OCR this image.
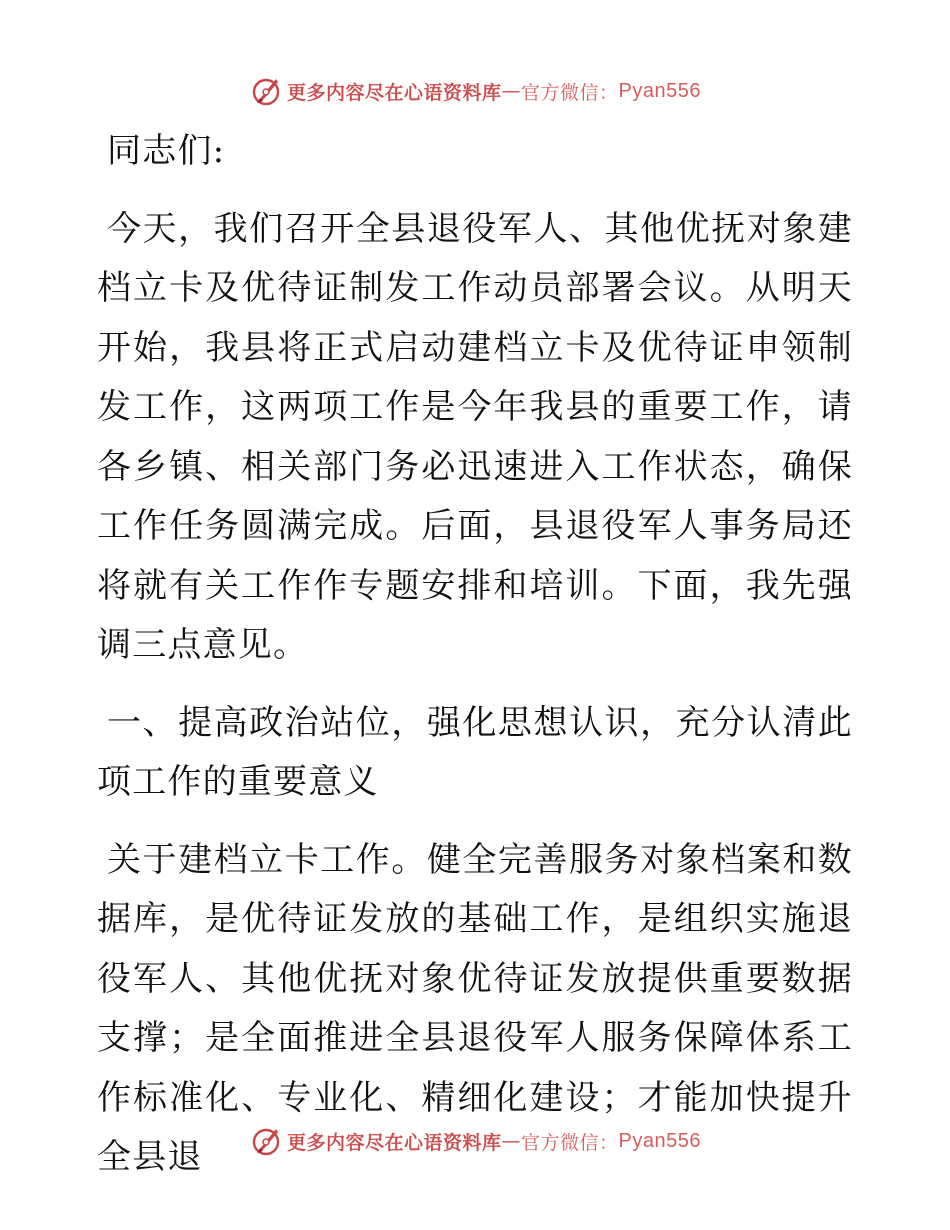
更多内容尽在心语资料库 — 官方微信： Pyan556

同志们:

今天，我们召开全县退役军人、其他优抚对象建档立卡及优待证制发工作动员部署会议。从明天开始，我县将正式启动建档立卡及优待证申领制发工作，这两项工作是今年我县的重要工作，请各乡镇、相关部门务必迅速进入工作状态，确保工作任务圆满完成。后面，县退役军人事务局还将就有关工作作专题安排和培训。下面，我先强调三点意见。

一、提高政治站位，强化思想认识，充分认清此项工作的重要意义

关于建档立卡工作。健全完善服务对象档案和数据库，是优待证发放的基础工作，是组织实施退役军人、其他优抚对象优待证发放提供重要数据支撑；是全面推进全县退役军人服务保障体系工作标准化、专业化、精细化建设；才能加快提升全县退	更多内容尽在心语资料库 — 官方微信： Pyan556
